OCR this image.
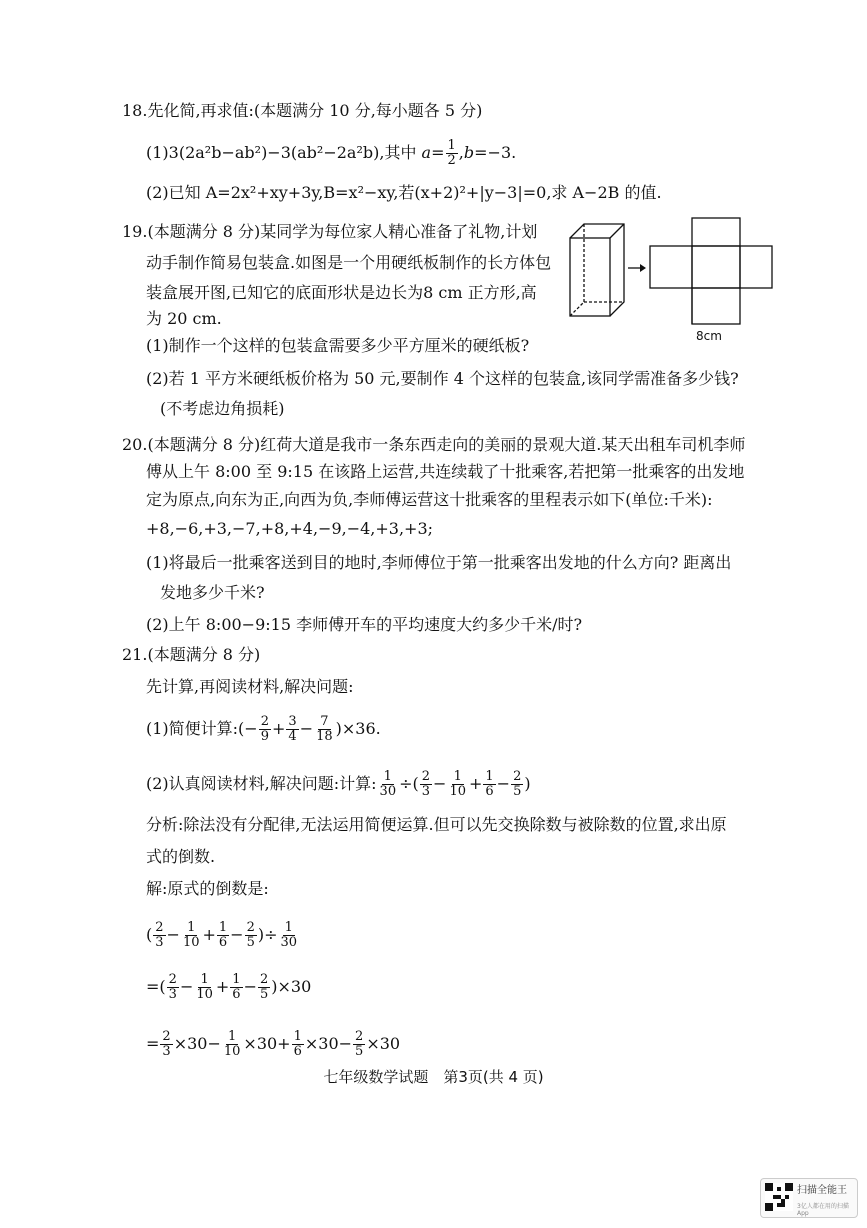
18.先化简,再求值:(本题满分 10 分,每小题各 5 分)
(1)3(2a²b−ab²)−3(ab²−2a²b),其中 $a= \frac{1}{2} ,b=-3$.
(2)已知 A=2x²+xy+3y,B=x²−xy,若(x+2)²+|y−3|=0,求 A−2B 的值.
19.(本题满分 8 分)某同学为每位家人精心准备了礼物,计划
动手制作简易包装盒.如图是一个用硬纸板制作的长方体包
装盒展开图,已知它的底面形状是边长为8 cm 正方形,高
为 20 cm.
(1)制作一个这样的包装盒需要多少平方厘米的硬纸板?
(2)若 1 平方米硬纸板价格为 50 元,要制作 4 个这样的包装盒,该同学需准备多少钱?
(不考虑边角损耗)
8cm
20.(本题满分 8 分)红荷大道是我市一条东西走向的美丽的景观大道.某天出租车司机李师
傅从上午 8:00 至 9:15 在该路上运营,共连续载了十批乘客,若把第一批乘客的出发地
定为原点,向东为正,向西为负,李师傅运营这十批乘客的里程表示如下(单位:千米):
+8,−6,+3,−7,+8,+4,−9,−4,+3,+3;
(1)将最后一批乘客送到目的地时,李师傅位于第一批乘客出发地的什么方向? 距离出
发地多少千米?
(2)上午 8:00−9:15 李师傅开车的平均速度大约多少千米/时?
21.(本题满分 8 分)
先计算,再阅读材料,解决问题:
(1)简便计算:(− $\frac{2}{9} + \frac{3}{4} - \frac{7}{18} )\times 36$.
(2)认真阅读材料,解决问题:计算: $\frac{1}{30}$ ÷( $\frac{2}{3} - \frac{1}{10} + \frac{1}{6} - \frac{2}{5}$ )
分析:除法没有分配律,无法运用简便运算.但可以先交换除数与被除数的位置,求出原
式的倒数.
解:原式的倒数是:
( $\frac{2}{3} - \frac{1}{10} + \frac{1}{6} - \frac{2}{5}$ )÷ $\frac{1}{30}$
=( $\frac{2}{3} - \frac{1}{10} + \frac{1}{6} - \frac{2}{5} )\times 30$
= $\frac{2}{3} \times 30- \frac{1}{10} \times 30+ \frac{1}{6} \times 30- \frac{2}{5} \times 30$
七年级数学试题　第3页(共 4 页)
扫描全能王
3亿人都在用的扫描App
